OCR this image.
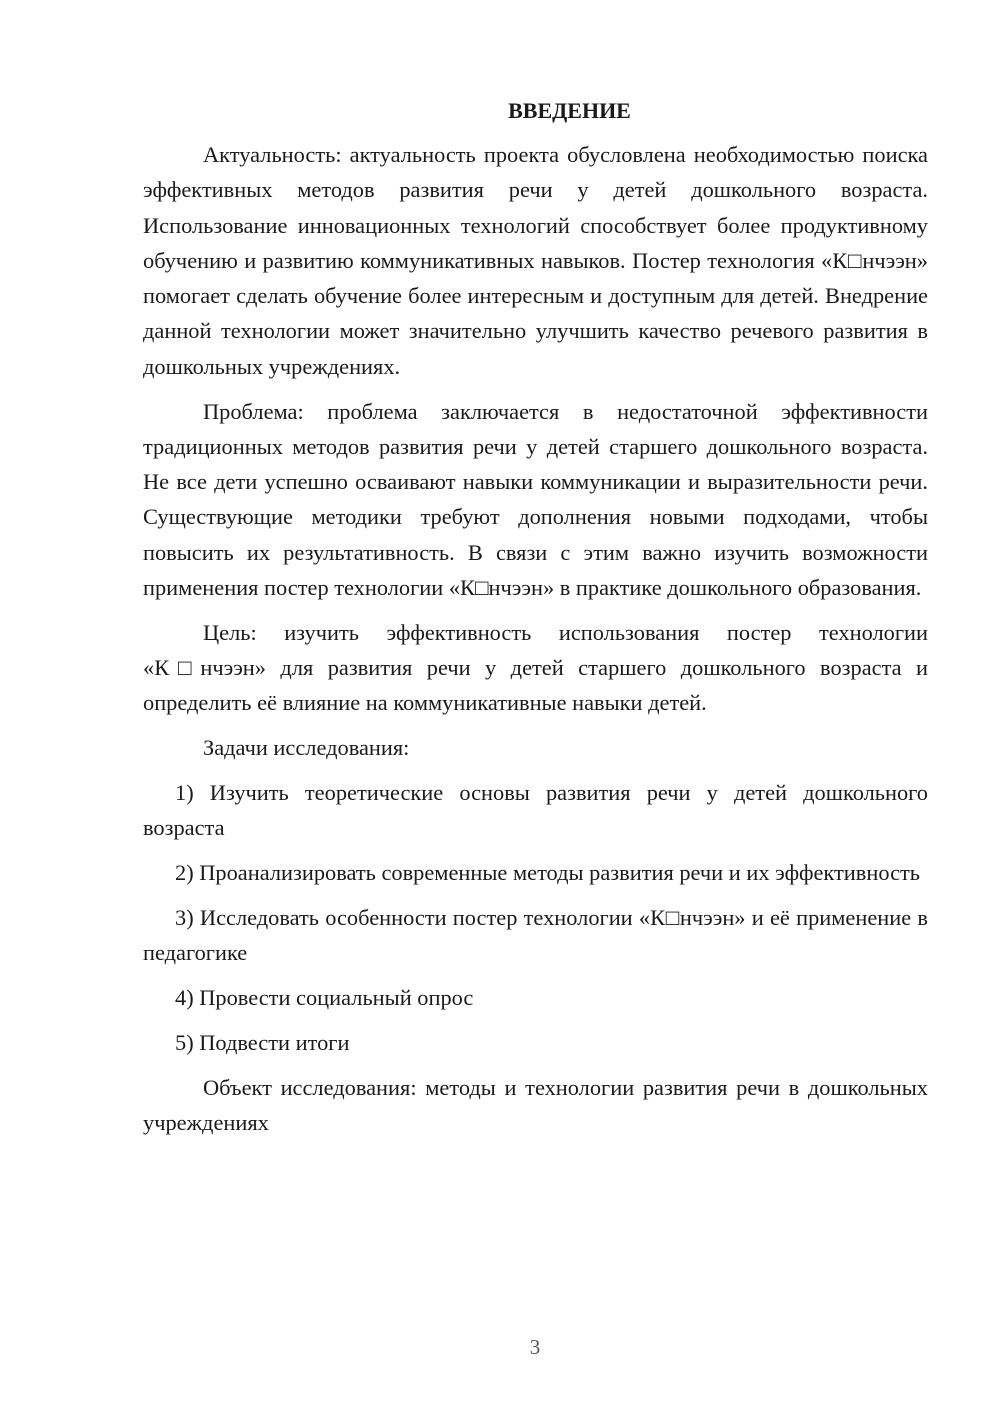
ВВЕДЕНИЕ

Актуальность: актуальность проекта обусловлена необходимостью поиска эффективных методов развития речи у детей дошкольного возраста. Использование инновационных технологий способствует более продуктивному обучению и развитию коммуникативных навыков. Постер технология «К□нчээн» помогает сделать обучение более интересным и доступным для детей. Внедрение данной технологии может значительно улучшить качество речевого развития в дошкольных учреждениях.

Проблема: проблема заключается в недостаточной эффективности традиционных методов развития речи у детей старшего дошкольного возраста. Не все дети успешно осваивают навыки коммуникации и выразительности речи. Существующие методики требуют дополнения новыми подходами, чтобы повысить их результативность. В связи с этим важно изучить возможности применения постер технологии «К□нчээн» в практике дошкольного образования.

Цель: изучить эффективность использования постер технологии «К□нчээн» для развития речи у детей старшего дошкольного возраста и определить её влияние на коммуникативные навыки детей.

Задачи исследования:

1) Изучить теоретические основы развития речи у детей дошкольного возраста

2) Проанализировать современные методы развития речи и их эффективность

3) Исследовать особенности постер технологии «К□нчээн» и её применение в педагогике

4) Провести социальный опрос

5) Подвести итоги

Объект исследования: методы и технологии развития речи в дошкольных учреждениях

3
